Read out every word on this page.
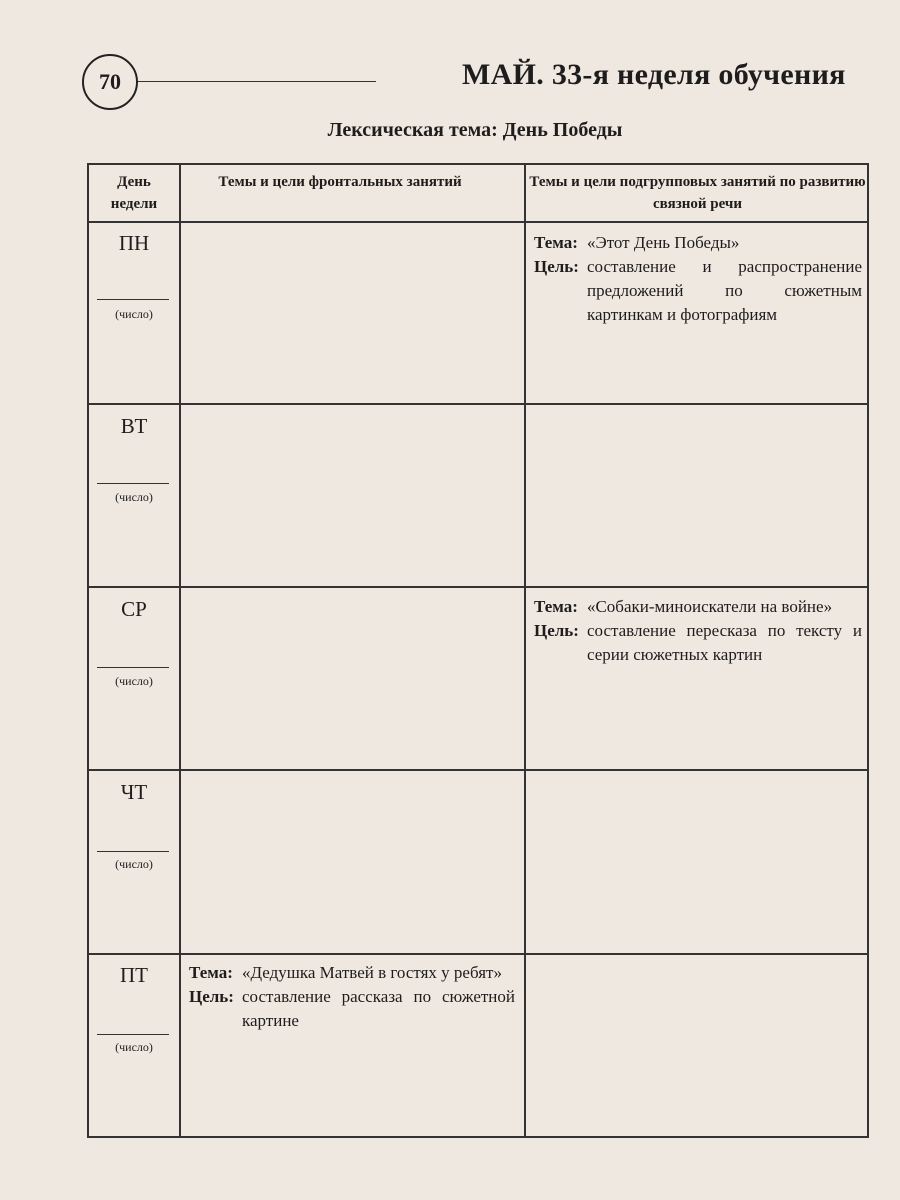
70	МАЙ. 33-я неделя обучения
Лексическая тема: День Победы
День недели
Темы и цели фронтальных занятий	Темы и цели подгрупповых занятий по развитию связной речи
ПН
(число)
Тема: «Этот День Победы»
Цель: составление и распространение предложений по сюжетным картинкам и фотографиям
ВТ
(число)
СР
(число)
Тема: «Собаки-миноискатели на войне»
Цель: составление пересказа по тексту и серии сюжетных картин
ЧТ
(число)
ПТ
(число)
Тема: «Дедушка Матвей в гостях у ребят»
Цель: составление рассказа по сюжетной картине
